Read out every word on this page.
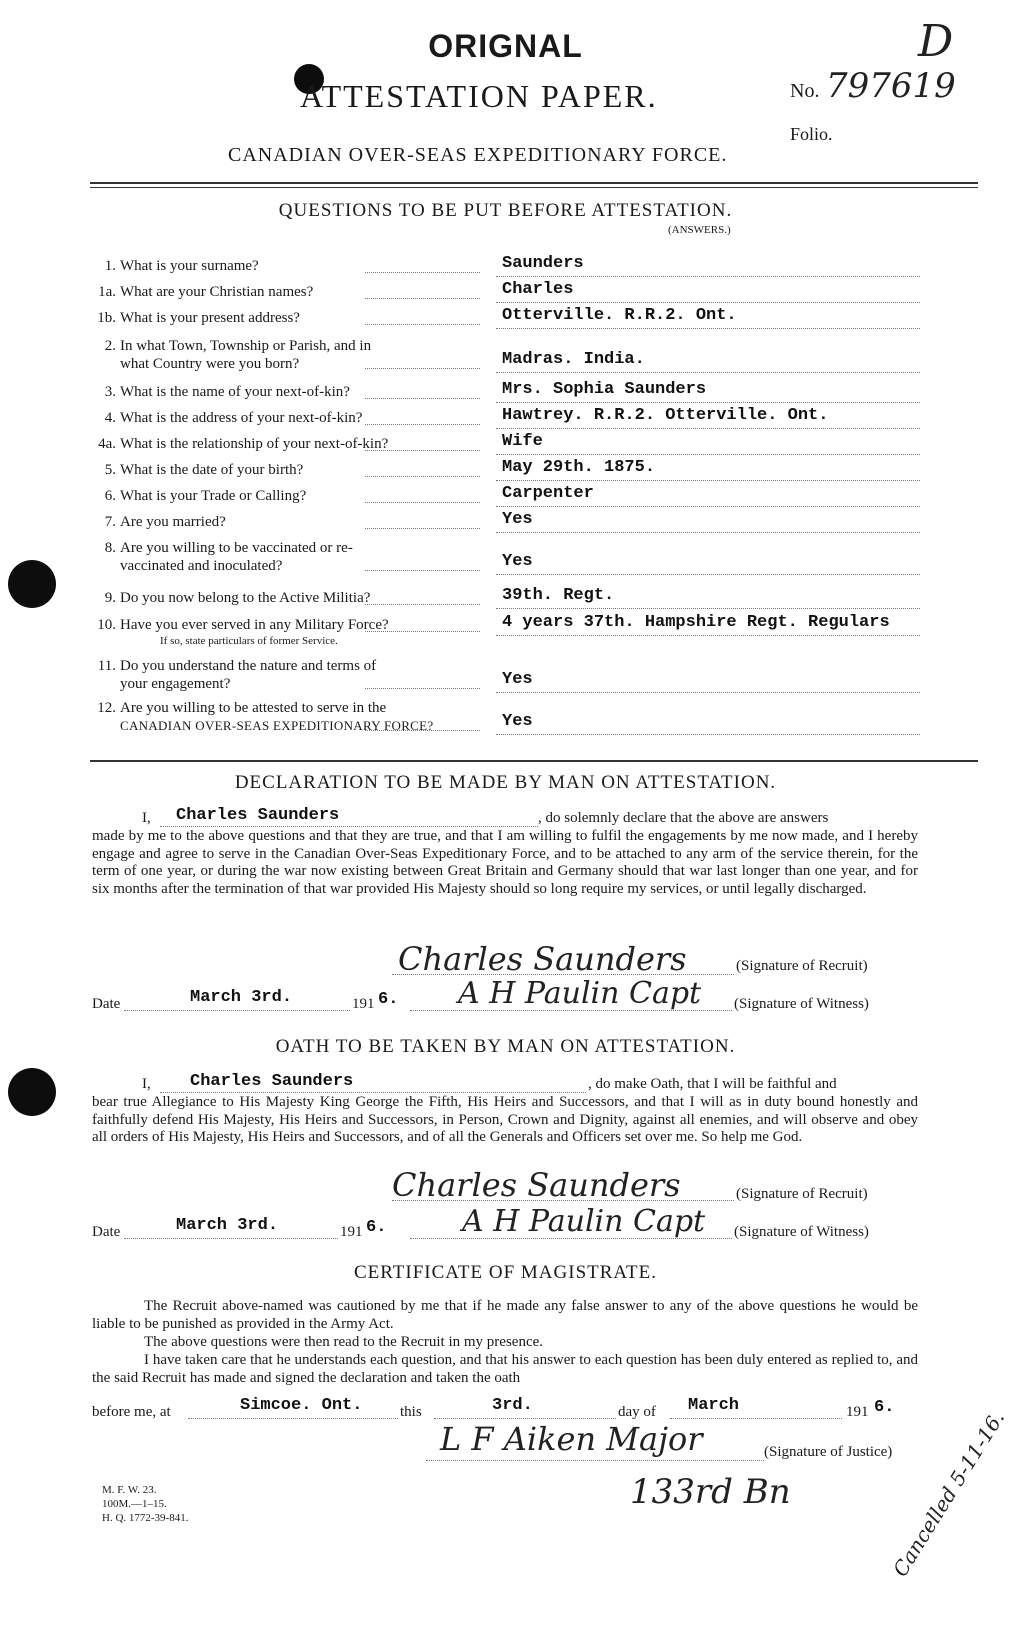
ORIGNAL	D
ATTESTATION PAPER.	No. 797619
Folio.
CANADIAN OVER-SEAS EXPEDITIONARY FORCE.
QUESTIONS TO BE PUT BEFORE ATTESTATION.
(ANSWERS.)
1. What is your surname?	Saunders
1a. What are your Christian names?	Charles
1b. What is your present address?	Otterville. R.R.2. Ont.
2. In what Town, Township or Parish, and in
what Country were you born?	Madras. India.
3. What is the name of your next-of-kin?	Mrs. Sophia Saunders
4. What is the address of your next-of-kin?	Hawtrey. R.R.2. Otterville. Ont.
4a. What is the relationship of your next-of-kin?	Wife
5. What is the date of your birth?	May 29th. 1875.
6. What is your Trade or Calling?	Carpenter
7. Are you married?	Yes
8. Are you willing to be vaccinated or re-
vaccinated and inoculated?	Yes
9. Do you now belong to the Active Militia?	39th. Regt.
10. Have you ever served in any Military Force?
If so, state particulars of former Service.
4 years 37th. Hampshire Regt. Regulars
11. Do you understand the nature and terms of
your engagement?	Yes
12. Are you willing to be attested to serve in the
CANADIAN OVER-SEAS EXPEDITIONARY FORCE?	Yes
DECLARATION TO BE MADE BY MAN ON ATTESTATION.
I, Charles Saunders	, do solemnly declare that the above are answers
made by me to the above questions and that they are true, and that I am willing to fulfil the engagements by me now made, and I hereby engage and agree to serve in the Canadian Over-Seas Expeditionary Force, and to be attached to any arm of the service therein, for the term of one year, or during the war now existing between Great Britain and Germany should that war last longer than one year, and for six months after the termination of that war provided His Majesty should so long require my services, or until legally discharged.
Charles Saunders	(Signature of Recruit)
Date	March 3rd.	191 6. A H Paulin Capt (Signature of Witness)
OATH TO BE TAKEN BY MAN ON ATTESTATION.
I, Charles Saunders	, do make Oath, that I will be faithful and
bear true Allegiance to His Majesty King George the Fifth, His Heirs and Successors, and that I will as in duty bound honestly and faithfully defend His Majesty, His Heirs and Successors, in Person, Crown and Dignity, against all enemies, and will observe and obey all orders of His Majesty, His Heirs and Successors, and of all the Generals and Officers set over me. So help me God.
Charles Saunders	(Signature of Recruit)
Date	March 3rd.	191 6.	A H Paulin Capt (Signature of Witness)
CERTIFICATE OF MAGISTRATE.
The Recruit above-named was cautioned by me that if he made any false answer to any of the above questions he would be liable to be punished as provided in the Army Act.
The above questions were then read to the Recruit in my presence.
I have taken care that he understands each question, and that his answer to each question has been duly entered as replied to, and the said Recruit has made and signed the declaration and taken the oath
before me, at	Simcoe. Ont.	this	3rd.	day of March	191 6.
L F Aiken Major	(Signature of Justice)
133rd Bn
M. F. W. 23.
100M.—1–15.
H. Q. 1772-39-841.	Cancelled 5-11-16.
